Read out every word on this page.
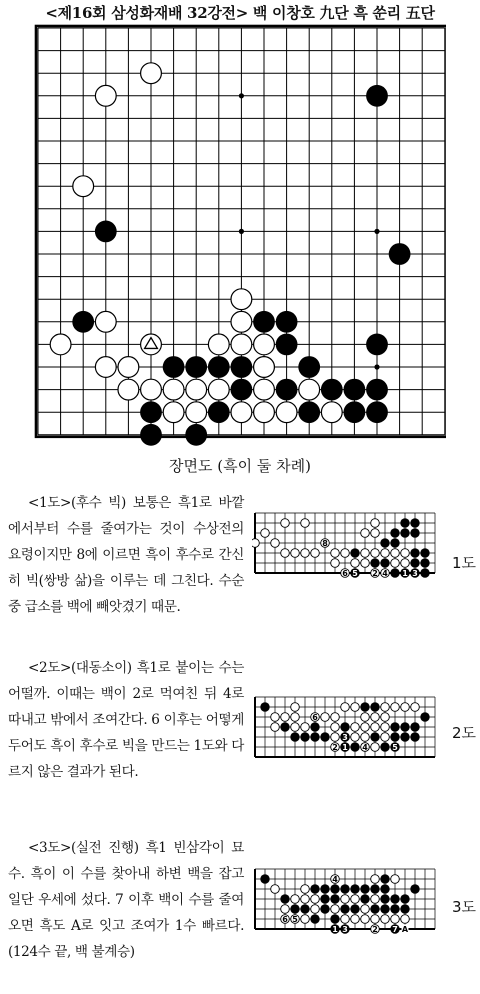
<제16회 삼성화재배 32강전> 백 이창호 九단 흑 쑨리 五단
장면도 (흑이 둘 차례)

<1도>(후수 빅) 보통은 흑1로 바깥에서부터 수를 줄여가는 것이 수상전의 요령이지만 8에 이르면 흑이 후수로 간신히 빅(쌍방 삶)을 이루는 데 그친다. 수순 중 급소를 백에 빼앗겼기 때문.

<2도>(대동소이) 흑1로 붙이는 수는 어떨까. 이때는 백이 2로 먹여친 뒤 4로 따내고 밖에서 조여간다. 6 이후는 어떻게 두어도 흑이 후수로 빅을 만드는 1도와 다르지 않은 결과가 된다.

<3도>(실전 진행) 흑1 빈삼각이 묘수. 흑이 이 수를 찾아내 하변 백을 잡고 일단 우세에 섰다. 7 이후 백이 수를 줄여오면 흑도 A로 잇고 조여가 1수 빠르다. (124수 끝, 백 불계승)

8
6 5 2 4 1 3
6
3
2 1 4	5
4
6 5
1 3	2 7 A
1도
2도
3도
